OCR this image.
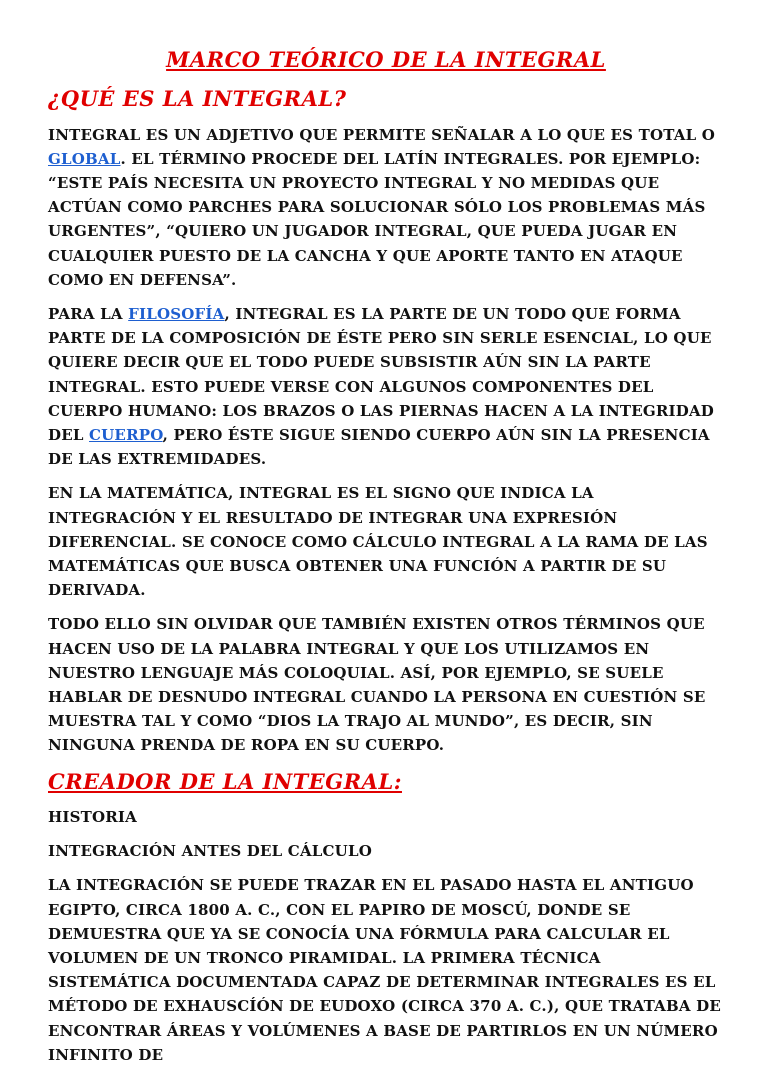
MARCO TEÓRICO DE LA INTEGRAL
¿QUÉ ES LA INTEGRAL?

INTEGRAL ES UN ADJETIVO QUE PERMITE SEÑALAR A LO QUE ES TOTAL O GLOBAL. EL TÉRMINO PROCEDE DEL LATÍN INTEGRALES. POR EJEMPLO: “ESTE PAÍS NECESITA UN PROYECTO INTEGRAL Y NO MEDIDAS QUE ACTÚAN COMO PARCHES PARA SOLUCIONAR SÓLO LOS PROBLEMAS MÁS URGENTES”, “QUIERO UN JUGADOR INTEGRAL, QUE PUEDA JUGAR EN CUALQUIER PUESTO DE LA CANCHA Y QUE APORTE TANTO EN ATAQUE COMO EN DEFENSA”.

PARA LA FILOSOFÍA, INTEGRAL ES LA PARTE DE UN TODO QUE FORMA PARTE DE LA COMPOSICIÓN DE ÉSTE PERO SIN SERLE ESENCIAL, LO QUE QUIERE DECIR QUE EL TODO PUEDE SUBSISTIR AÚN SIN LA PARTE INTEGRAL. ESTO PUEDE VERSE CON ALGUNOS COMPONENTES DEL CUERPO HUMANO: LOS BRAZOS O LAS PIERNAS HACEN A LA INTEGRIDAD DEL CUERPO, PERO ÉSTE SIGUE SIENDO CUERPO AÚN SIN LA PRESENCIA DE LAS EXTREMIDADES.

EN LA MATEMÁTICA, INTEGRAL ES EL SIGNO QUE INDICA LA INTEGRACIÓN Y EL RESULTADO DE INTEGRAR UNA EXPRESIÓN DIFERENCIAL. SE CONOCE COMO CÁLCULO INTEGRAL A LA RAMA DE LAS MATEMÁTICAS QUE BUSCA OBTENER UNA FUNCIÓN A PARTIR DE SU DERIVADA.

TODO ELLO SIN OLVIDAR QUE TAMBIÉN EXISTEN OTROS TÉRMINOS QUE HACEN USO DE LA PALABRA INTEGRAL Y QUE LOS UTILIZAMOS EN NUESTRO LENGUAJE MÁS COLOQUIAL. ASÍ, POR EJEMPLO, SE SUELE HABLAR DE DESNUDO INTEGRAL CUANDO LA PERSONA EN CUESTIÓN SE MUESTRA TAL Y COMO “DIOS LA TRAJO AL MUNDO”, ES DECIR, SIN NINGUNA PRENDA DE ROPA EN SU CUERPO.

CREADOR DE LA INTEGRAL:

HISTORIA

INTEGRACIÓN ANTES DEL CÁLCULO

LA INTEGRACIÓN SE PUEDE TRAZAR EN EL PASADO HASTA EL ANTIGUO EGIPTO, CIRCA 1800 A. C., CON EL PAPIRO DE MOSCÚ, DONDE SE DEMUESTRA QUE YA SE CONOCÍA UNA FÓRMULA PARA CALCULAR EL VOLUMEN DE UN TRONCO PIRAMIDAL. LA PRIMERA TÉCNICA SISTEMÁTICA DOCUMENTADA CAPAZ DE DETERMINAR INTEGRALES ES EL MÉTODO DE EXHAUSCÍÓN DE EUDOXO (CIRCA 370 A. C.), QUE TRATABA DE ENCONTRAR ÁREAS Y VOLÚMENES A BASE DE PARTIRLOS EN UN NÚMERO INFINITO DE
